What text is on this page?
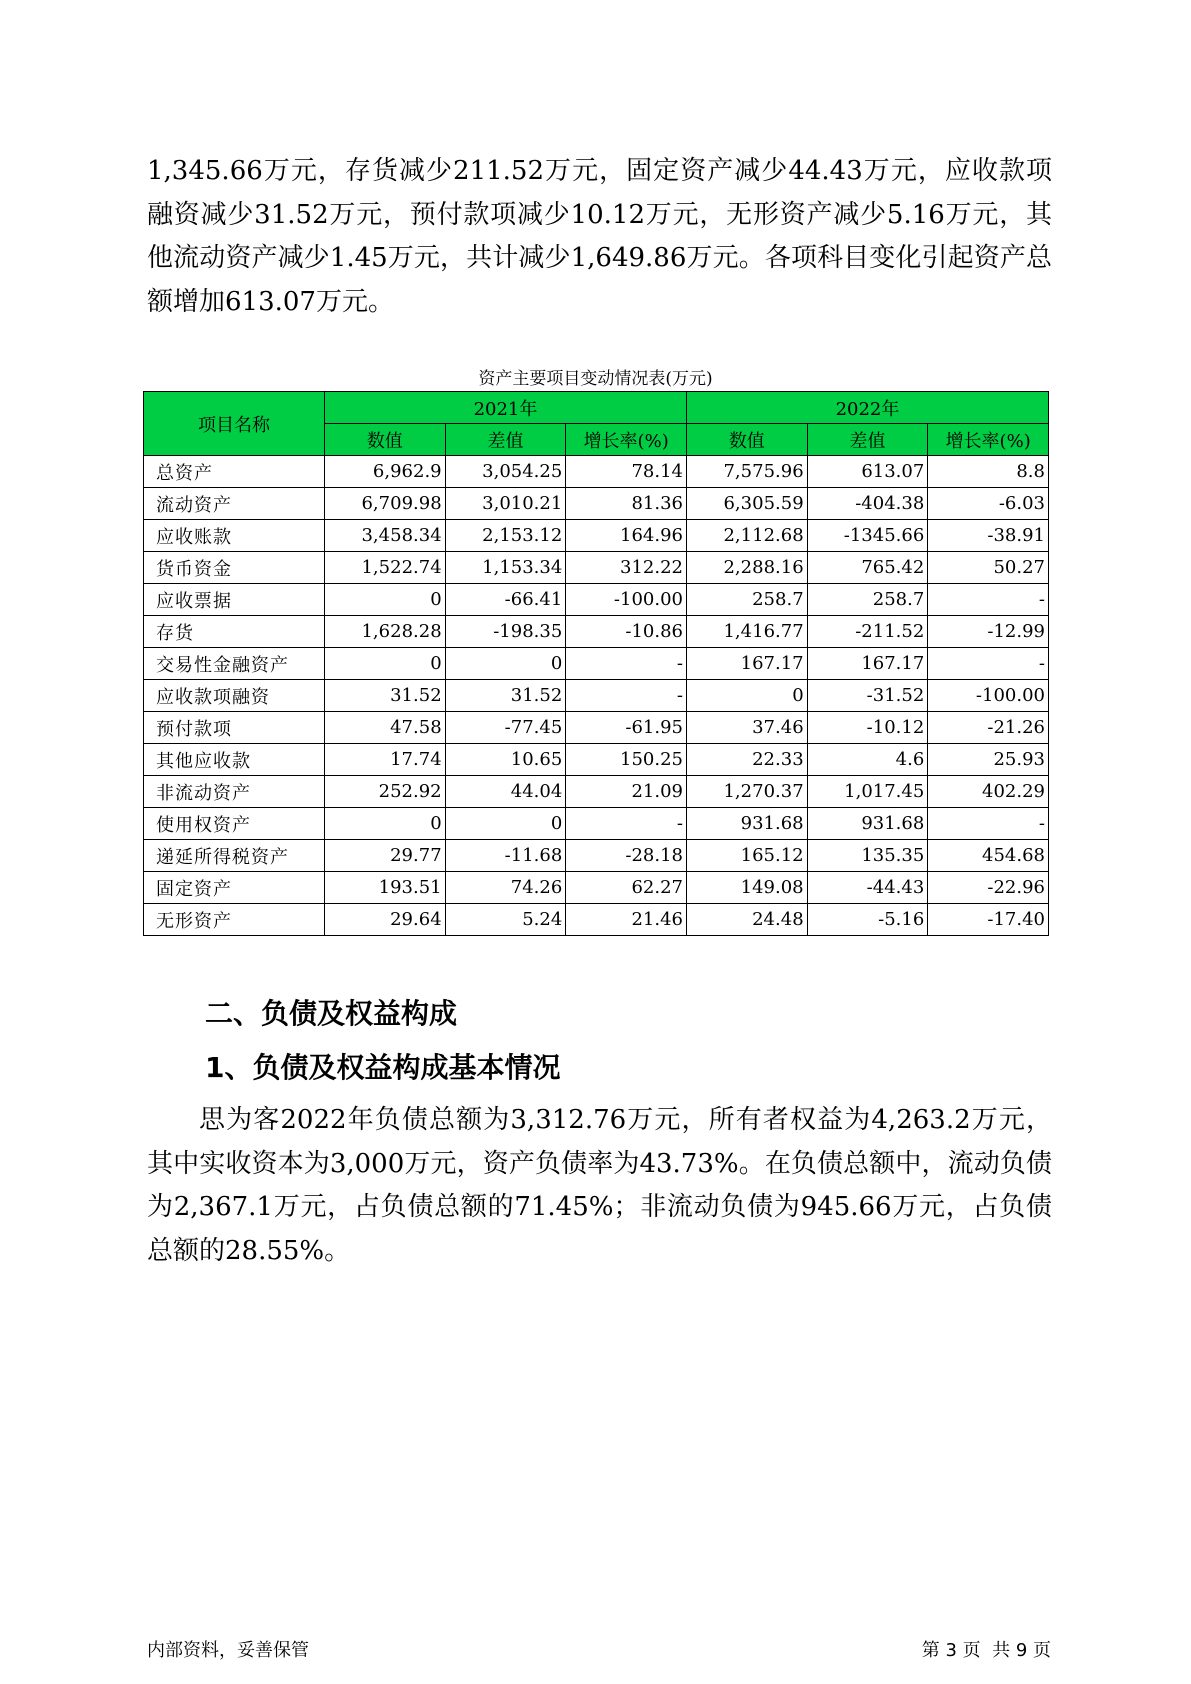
1,345.66万元，存货减少211.52万元，固定资产减少44.43万元，应收款项融资减少31.52万元，预付款项减少10.12万元，无形资产减少5.16万元，其他流动资产减少1.45万元，共计减少1,649.86万元。各项科目变化引起资产总额增加613.07万元。

资产主要项目变动情况表(万元)
项目名称	2021年			2022年		
	数值	差值	增长率(%)	数值	差值	增长率(%)
总资产	6,962.9	3,054.25	78.14	7,575.96	613.07	8.8
流动资产	6,709.98	3,010.21	81.36	6,305.59	-404.38	-6.03
应收账款	3,458.34	2,153.12	164.96	2,112.68	-1345.66	-38.91
货币资金	1,522.74	1,153.34	312.22	2,288.16	765.42	50.27
应收票据	0	-66.41	-100.00	258.7	258.7	-
存货	1,628.28	-198.35	-10.86	1,416.77	-211.52	-12.99
交易性金融资产	0	0	-	167.17	167.17	-
应收款项融资	31.52	31.52	-	0	-31.52	-100.00
预付款项	47.58	-77.45	-61.95	37.46	-10.12	-21.26
其他应收款	17.74	10.65	150.25	22.33	4.6	25.93
非流动资产	252.92	44.04	21.09	1,270.37	1,017.45	402.29
使用权资产	0	0	-	931.68	931.68	-
递延所得税资产	29.77	-11.68	-28.18	165.12	135.35	454.68
固定资产	193.51	74.26	62.27	149.08	-44.43	-22.96
无形资产	29.64	5.24	21.46	24.48	-5.16	-17.40
二、负债及权益构成
1、负债及权益构成基本情况

思为客2022年负债总额为3,312.76万元，所有者权益为4,263.2万元，其中实收资本为3,000万元，资产负债率为43.73%。在负债总额中，流动负债为2,367.1万元，占负债总额的71.45%；非流动负债为945.66万元，占负债总额的28.55%。

内部资料，妥善保管	第 3 页  共 9 页
